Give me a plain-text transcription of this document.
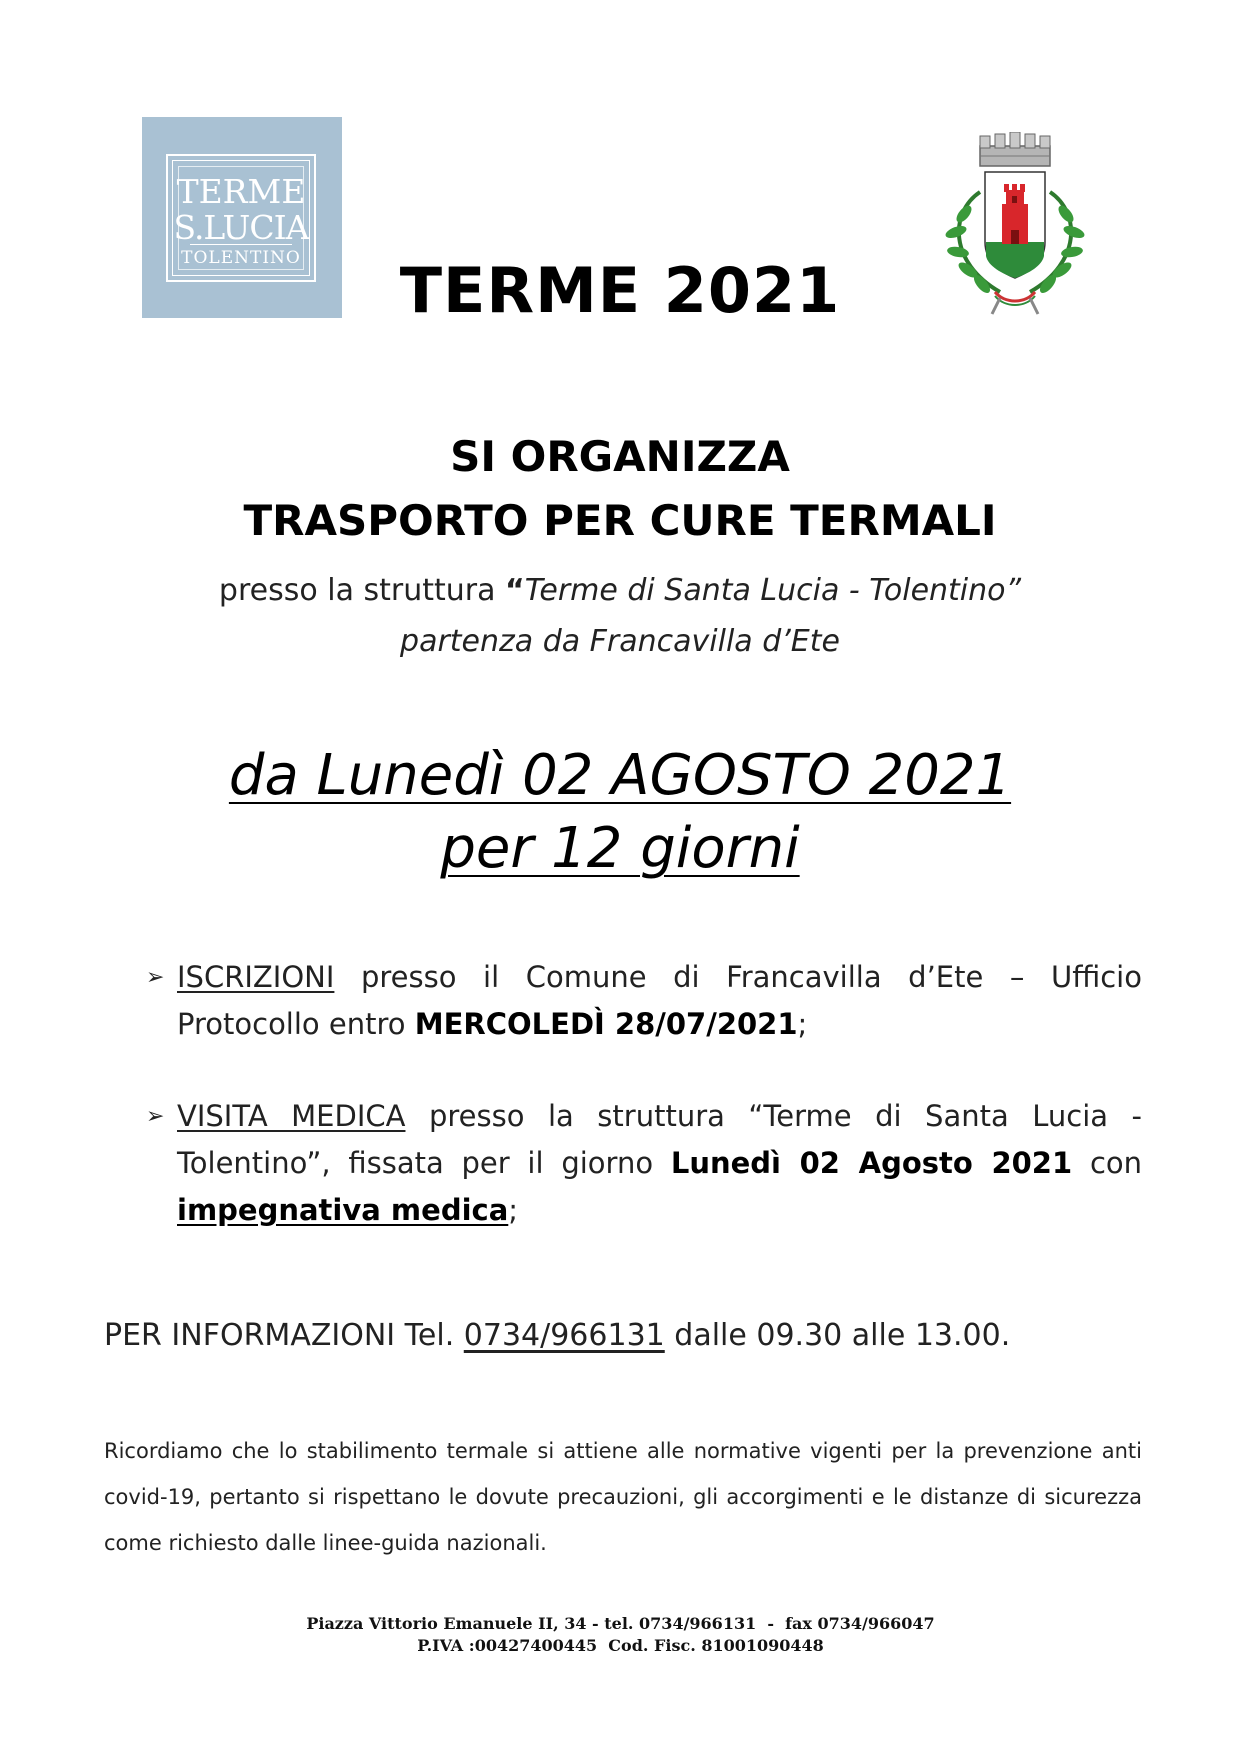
TERME
S.LUCIA
TOLENTINO	TERME 2021
SI ORGANIZZA
TRASPORTO PER CURE TERMALI
presso la struttura “Terme di Santa Lucia - Tolentino”
partenza da Francavilla d’Ete
da Lunedì 02 AGOSTO 2021
per 12 giorni
➢ ISCRIZIONI presso il Comune di Francavilla d’Ete – Ufficio Protocollo entro MERCOLEDÌ 28/07/2021;
➢ VISITA MEDICA presso la struttura “Terme di Santa Lucia - Tolentino”, fissata per il giorno Lunedì 02 Agosto 2021 con impegnativa medica;
PER INFORMAZIONI Tel. 0734/966131 dalle 09.30 alle 13.00.
Ricordiamo che lo stabilimento termale si attiene alle normative vigenti per la prevenzione anti covid-19, pertanto si rispettano le dovute precauzioni, gli accorgimenti e le distanze di sicurezza come richiesto dalle linee-guida nazionali.
Piazza Vittorio Emanuele II, 34 - tel. 0734/966131  -  fax 0734/966047
P.IVA :00427400445  Cod. Fisc. 81001090448
